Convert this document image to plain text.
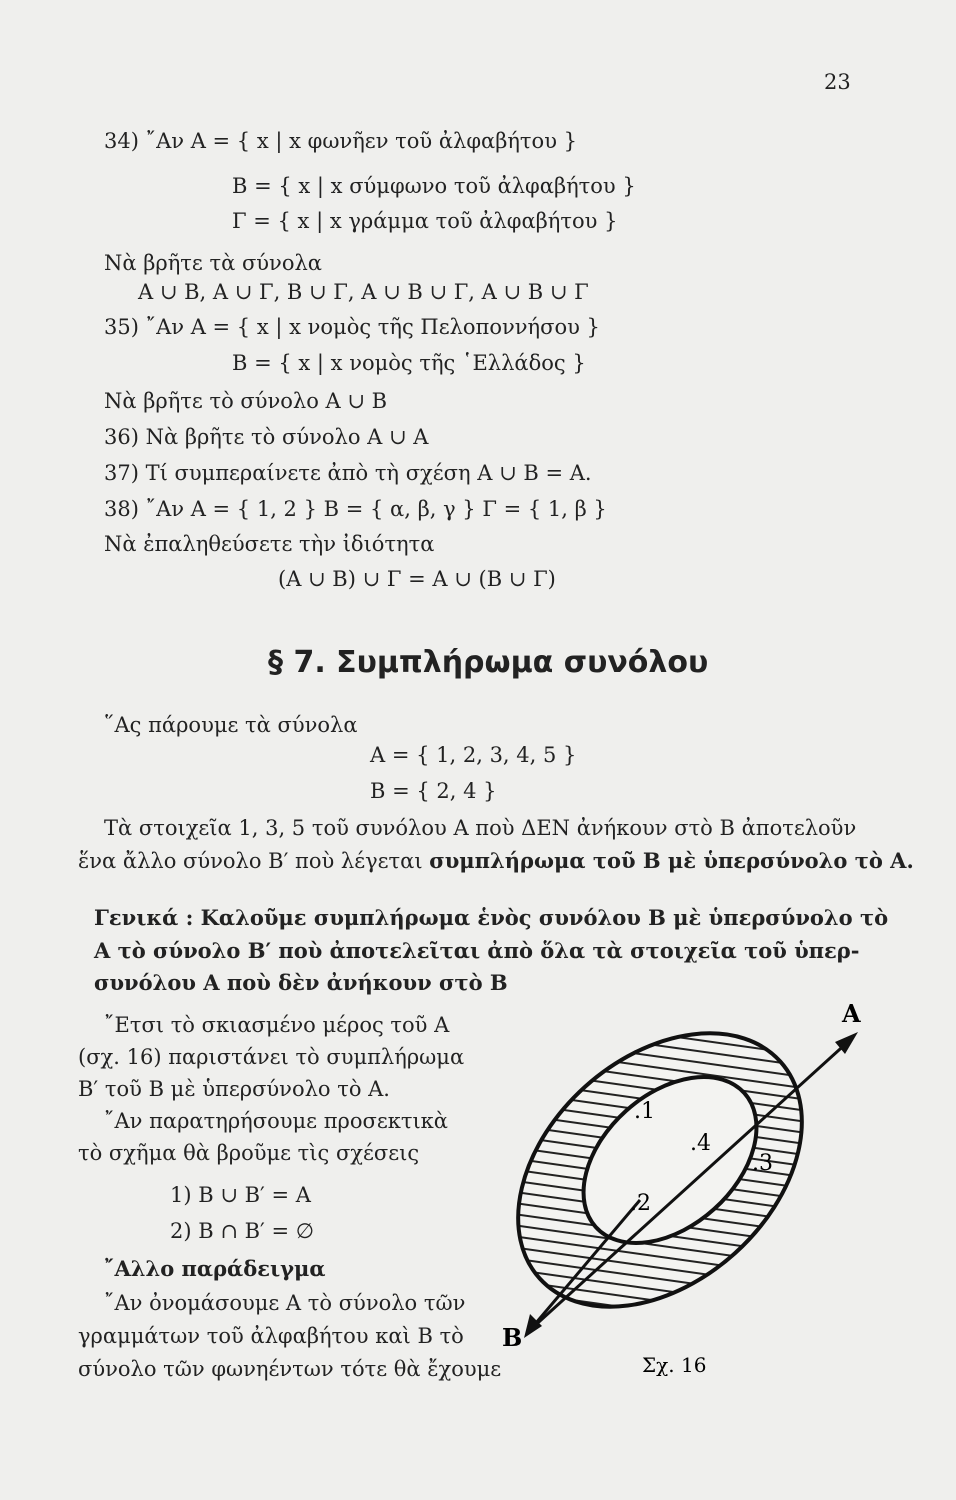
23
34) ῎Αν Α = { x | x φωνῆεν τοῦ ἀλφαβήτου }
Β = { x | x σύμφωνο τοῦ ἀλφαβήτου }
Γ = { x | x γράμμα τοῦ ἀλφαβήτου }
Νὰ βρῆτε τὰ σύνολα
Α ∪ Β, Α ∪ Γ, Β ∪ Γ, Α ∪ Β ∪ Γ, Α ∪ Β ∪ Γ
35) ῎Αν Α = { x | x νομὸς τῆς Πελοποννήσου }
Β = { x | x νομὸς τῆς ῾Ελλάδος }
Νὰ βρῆτε τὸ σύνολο Α ∪ Β
36) Νὰ βρῆτε τὸ σύνολο Α ∪ Α
37) Τί συμπεραίνετε ἀπὸ τὴ σχέση Α ∪ Β = Α.
38) ῎Αν Α = { 1, 2 } Β = { α, β, γ } Γ = { 1, β }
Νὰ ἐπαληθεύσετε τὴν ἰδιότητα
(Α ∪ Β) ∪ Γ = Α ∪ (Β ∪ Γ)
§ 7. Συμπλήρωμα συνόλου
῞Ας πάρουμε τὰ σύνολα
Α = { 1, 2, 3, 4, 5 }
Β = { 2, 4 }
Τὰ στοιχεῖα 1, 3, 5 τοῦ συνόλου Α ποὺ ΔΕΝ ἀνήκουν στὸ Β ἀποτελοῦν
ἕνα ἄλλο σύνολο Β′ ποὺ λέγεται συμπλήρωμα τοῦ Β μὲ ὑπερσύνολο τὸ Α.
Γενικά : Καλοῦμε συμπλήρωμα ἑνὸς συνόλου Β μὲ ὑπερσύνολο τὸ
Α τὸ σύνολο Β′ ποὺ ἀποτελεῖται ἀπὸ ὅλα τὰ στοιχεῖα τοῦ ὑπερ-
συνόλου Α ποὺ δὲν ἀνήκουν στὸ Β
῎Ετσι τὸ σκιασμένο μέρος τοῦ Α
(σχ. 16) παριστάνει τὸ συμπλήρωμα
Β′ τοῦ Β μὲ ὑπερσύνολο τὸ Α.
῎Αν παρατηρήσουμε προσεκτικὰ
τὸ σχῆμα θὰ βροῦμε τὶς σχέσεις
1) Β ∪ Β′ = Α
2) Β ∩ Β′ = ∅
῎Αλλο παράδειγμα
῎Αν ὀνομάσουμε Α τὸ σύνολο τῶν
γραμμάτων τοῦ ἀλφαβήτου καὶ Β τὸ
σύνολο τῶν φωνηέντων τότε θὰ ἔχουμε
A
B
.1
.2
.3
.4
Σχ. 16
